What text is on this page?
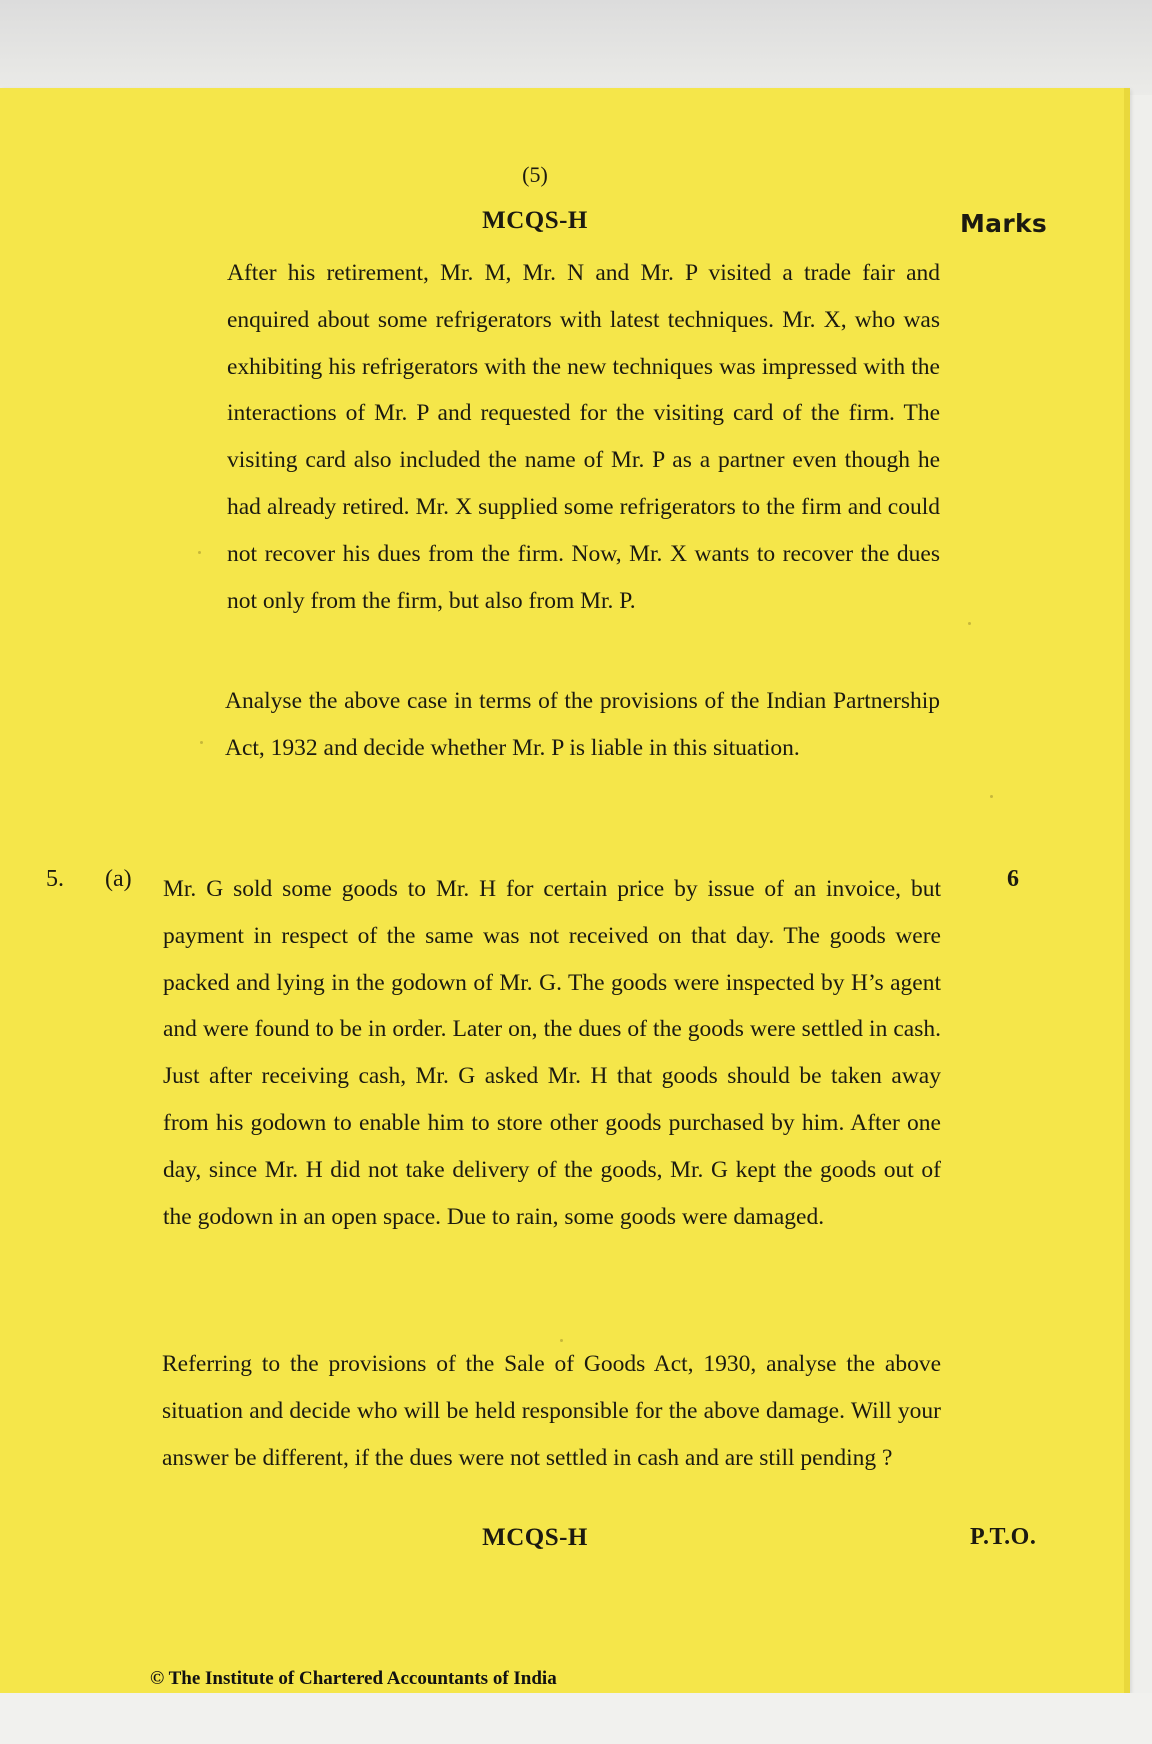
(5)

MCQS-H	Marks

After his retirement, Mr. M, Mr. N and Mr. P visited a trade fair and enquired about some refrigerators with latest techniques. Mr. X, who was exhibiting his refrigerators with the new techniques was impressed with the interactions of Mr. P and requested for the visiting card of the firm. The visiting card also included the name of Mr. P as a partner even though he had already retired. Mr. X supplied some refrigerators to the firm and could not recover his dues from the firm. Now, Mr. X wants to recover the dues not only from the firm, but also from Mr. P.

Analyse the above case in terms of the provisions of the Indian Partnership Act, 1932 and decide whether Mr. P is liable in this situation.

5. (a)	6

Mr. G sold some goods to Mr. H for certain price by issue of an invoice, but payment in respect of the same was not received on that day. The goods were packed and lying in the godown of Mr. G. The goods were inspected by H’s agent and were found to be in order. Later on, the dues of the goods were settled in cash. Just after receiving cash, Mr. G asked Mr. H that goods should be taken away from his godown to enable him to store other goods purchased by him. After one day, since Mr. H did not take delivery of the goods, Mr. G kept the goods out of the godown in an open space. Due to rain, some goods were damaged.

Referring to the provisions of the Sale of Goods Act, 1930, analyse the above situation and decide who will be held responsible for the above damage. Will your answer be different, if the dues were not settled in cash and are still pending ?

MCQS-H	P.T.O.

© The Institute of Chartered Accountants of India
